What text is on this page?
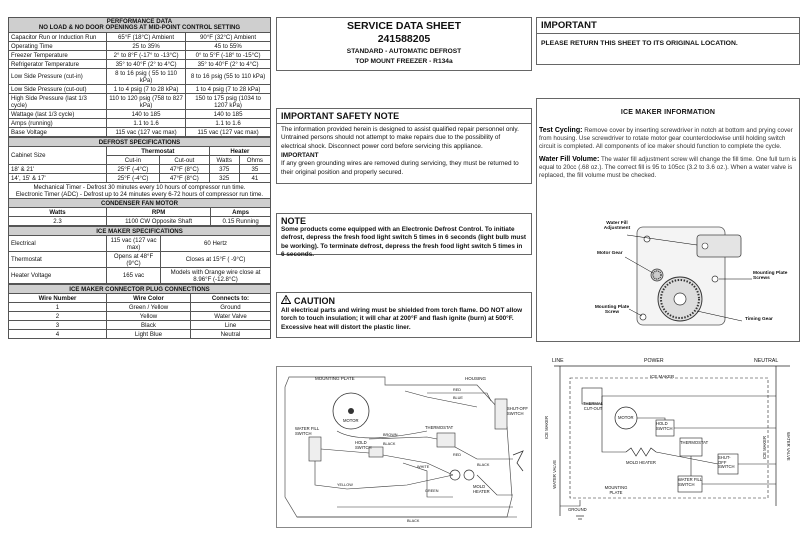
PERFORMANCE DATA
NO LOAD & NO DOOR OPENINGS AT MID-POINT CONTROL SETTING		

Capacitor Run or Induction Run	65°F (18°C) Ambient	90°F (32°C) Ambient
Operating Time	25 to 35%	45 to 55%
Freezer Temperature	2° to 8°F (-17° to -13°C)	0° to 5°F (-18° to -15°C)
Refrigerator Temperature	35° to 40°F (2° to 4°C)	35° to 40°F (2° to 4°C)
Low Side Pressure (cut-in)	8 to 16 psig ( 55 to 110 kPa)	8 to 16 psig (55 to 110 kPa)
Low Side Pressure (cut-out)	1 to 4 psig (7 to 28 kPa)	1 to 4 psig (7 to 28 kPa)
High Side Pressure (last 1/3 cycle)	110 to 120 psig (758 to 827 kPa)	150 to 175 psig (1034 to 1207 kPa)
Wattage (last 1/3 cycle)	140 to 185	140 to 185
Amps (running)	1.1 to 1.6	1.1 to 1.6
Base Voltage	115 vac (127 vac max)	115 vac (127 vac max)
DEFROST SPECIFICATIONS				
Cabinet Size	Thermostat		Heater	
	Cut-in	Cut-out	Watts	Ohms
18' & 21'	25°F (-4°C)	47°F (8°C)	375	35
14', 15' & 17'	25°F (-4°C)	47°F (8°C)	325	41

Mechanical Timer - Defrost 30 minutes every 10 hours of compressor run time.
Electronic Timer (ADC) - Defrost up to 24 minutes every 6-72 hours of compressor run time.				
CONDENSER FAN MOTOR		
Watts	RPM	Amps
2.3	1100 CW Opposite Shaft	0.15 Running
ICE MAKER SPECIFICATIONS		
Electrical	115 vac (127 vac max)	60 Hertz
Thermostat	Opens at 48°F (9°C)	Closes at 15°F ( -9°C)
Heater Voltage	165 vac	Models with Orange wire close at 8.96°F (-12.8°C)
ICE MAKER CONNECTOR PLUG CONNECTIONS		
Wire Number	Wire Color	Connects to:
1	Green / Yellow	Ground
2	Yellow	Water Valve
3	Black	Line
4	Light Blue	Neutral
SERVICE DATA SHEET
241588205
STANDARD - AUTOMATIC DEFROST
TOP MOUNT FREEZER - R134a
IMPORTANT SAFETY NOTE
The information provided herein is designed to assist qualified repair personnel only. Untrained persons should not attempt to make repairs due to the possibility of electrical shock. Disconnect power cord before servicing this appliance.
IMPORTANT
If any green grounding wires are removed during servicing, they must be returned to their original position and properly secured.
NOTE
Some products come equipped with an Electronic Defrost Control. To initiate defrost, depress the fresh food light switch 5 times in 6 seconds (light bulb must be working). To terminate defrost, depress the fresh food light switch 5 times in 6 seconds.
CAUTION
All electrical parts and wiring must be shielded from torch flame. DO NOT allow torch to touch insulation; it will char at 200°F and flash ignite (burn) at 500°F. Excessive heat will distort the plastic liner.
IMPORTANT
PLEASE RETURN THIS SHEET TO ITS ORIGINAL LOCATION.
ICE MAKER INFORMATION
Test Cycling: Remove cover by inserting screwdriver in notch at bottom and prying cover from housing. Use screwdriver to rotate motor gear counterclockwise until holding switch circuit is completed. All components of ice maker should function to complete the cycle.
Water Fill Volume: The water fill adjustment screw will change the fill time. One full turn is equal to 20cc (.68 oz.). The correct fill is 95 to 105cc (3.2 to 3.6 oz.). When a water valve is replaced, the fill volume must be checked.
Water Fill Adjustment
Motor Gear
Mounting Plate Screws
Mounting Plate Screw
Timing Gear
MOUNTING PLATE	HOUSING
MOTOR
WATER FILL SWITCH
HOLD SWITCH
SHUT-OFF SWITCH
THERMOSTAT
MOLD HEATER
RED
BLUE
BROWN
BLACK
YELLOW
GREEN
WHITE
RED
BLACK
BLACK
LINE	POWER	NEUTRAL
ICE MAKER
THERMAL CUT-OUT
MOTOR
HOLD SWITCH
THERMOSTAT
MOLD HEATER
SHUT-OFF SWITCH
WATER FILL SWITCH
GROUND
MOUNTING PLATE
WATER VALVE
ICE MAKER
ICE MAKER
WATER VALVE
